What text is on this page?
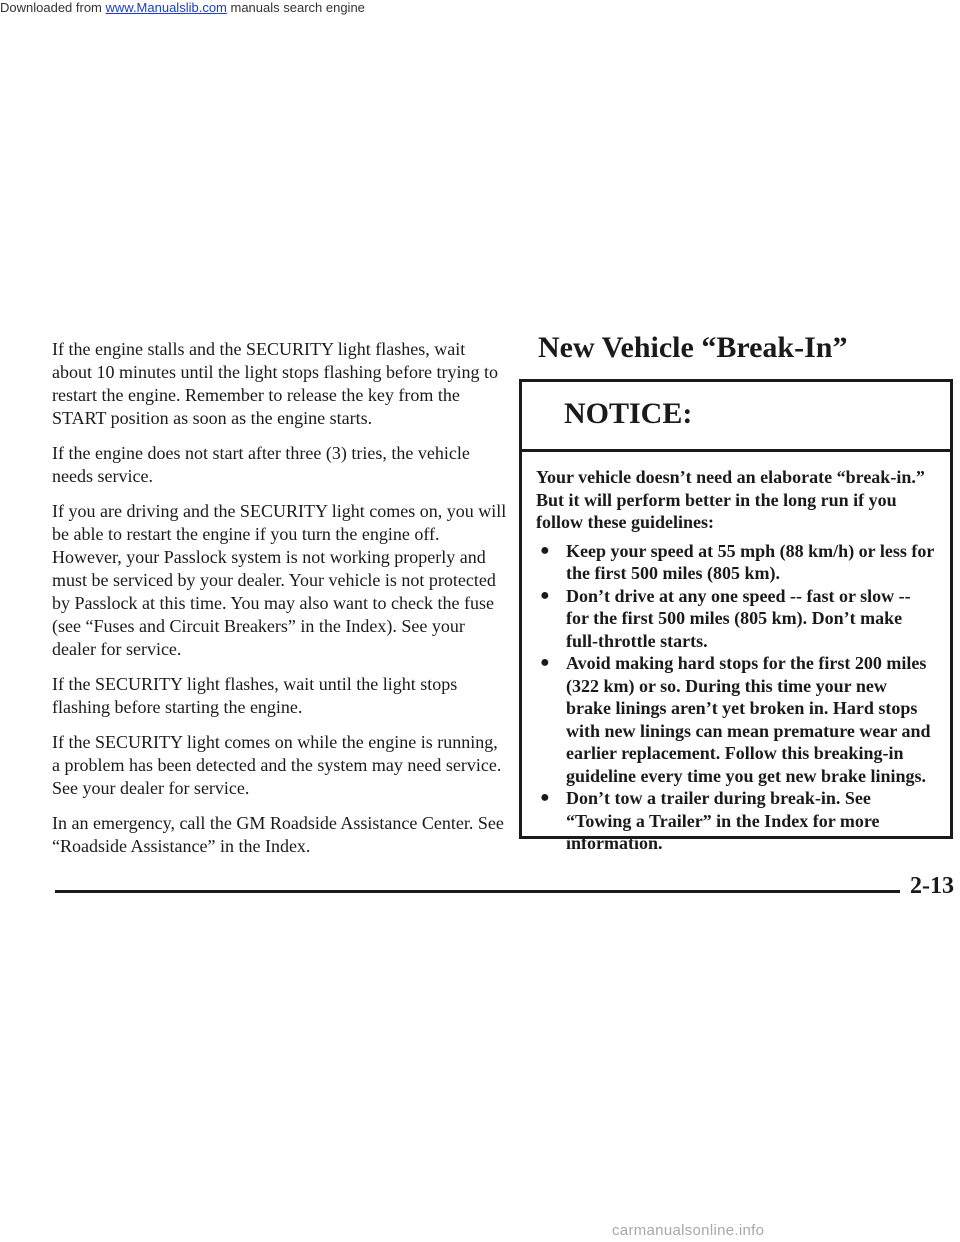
Downloaded from www.Manualslib.com manuals search engine

If the engine stalls and the SECURITY light flashes, wait about 10 minutes until the light stops flashing before trying to restart the engine. Remember to release the key from the START position as soon as the engine starts.

If the engine does not start after three (3) tries, the vehicle needs service.

If you are driving and the SECURITY light comes on, you will be able to restart the engine if you turn the engine off. However, your Passlock system is not working properly and must be serviced by your dealer. Your vehicle is not protected by Passlock at this time. You may also want to check the fuse (see “Fuses and Circuit Breakers” in the Index). See your dealer for service.

If the SECURITY light flashes, wait until the light stops flashing before starting the engine.

If the SECURITY light comes on while the engine is running, a problem has been detected and the system may need service. See your dealer for service.

In an emergency, call the GM Roadside Assistance Center. See “Roadside Assistance” in the Index.

New Vehicle “Break-In”
NOTICE:

Your vehicle doesn’t need an elaborate “break-in.” But it will perform better in the long run if you follow these guidelines:

● Keep your speed at 55 mph (88 km/h) or less for the first 500 miles (805 km).
● Don’t drive at any one speed -- fast or slow -- for the first 500 miles (805 km). Don’t make full-throttle starts.
● Avoid making hard stops for the first 200 miles (322 km) or so. During this time your new brake linings aren’t yet broken in. Hard stops with new linings can mean premature wear and earlier replacement. Follow this breaking-in guideline every time you get new brake linings.
● Don’t tow a trailer during break-in. See “Towing a Trailer” in the Index for more information.
2-13
carmanualsonline.info
